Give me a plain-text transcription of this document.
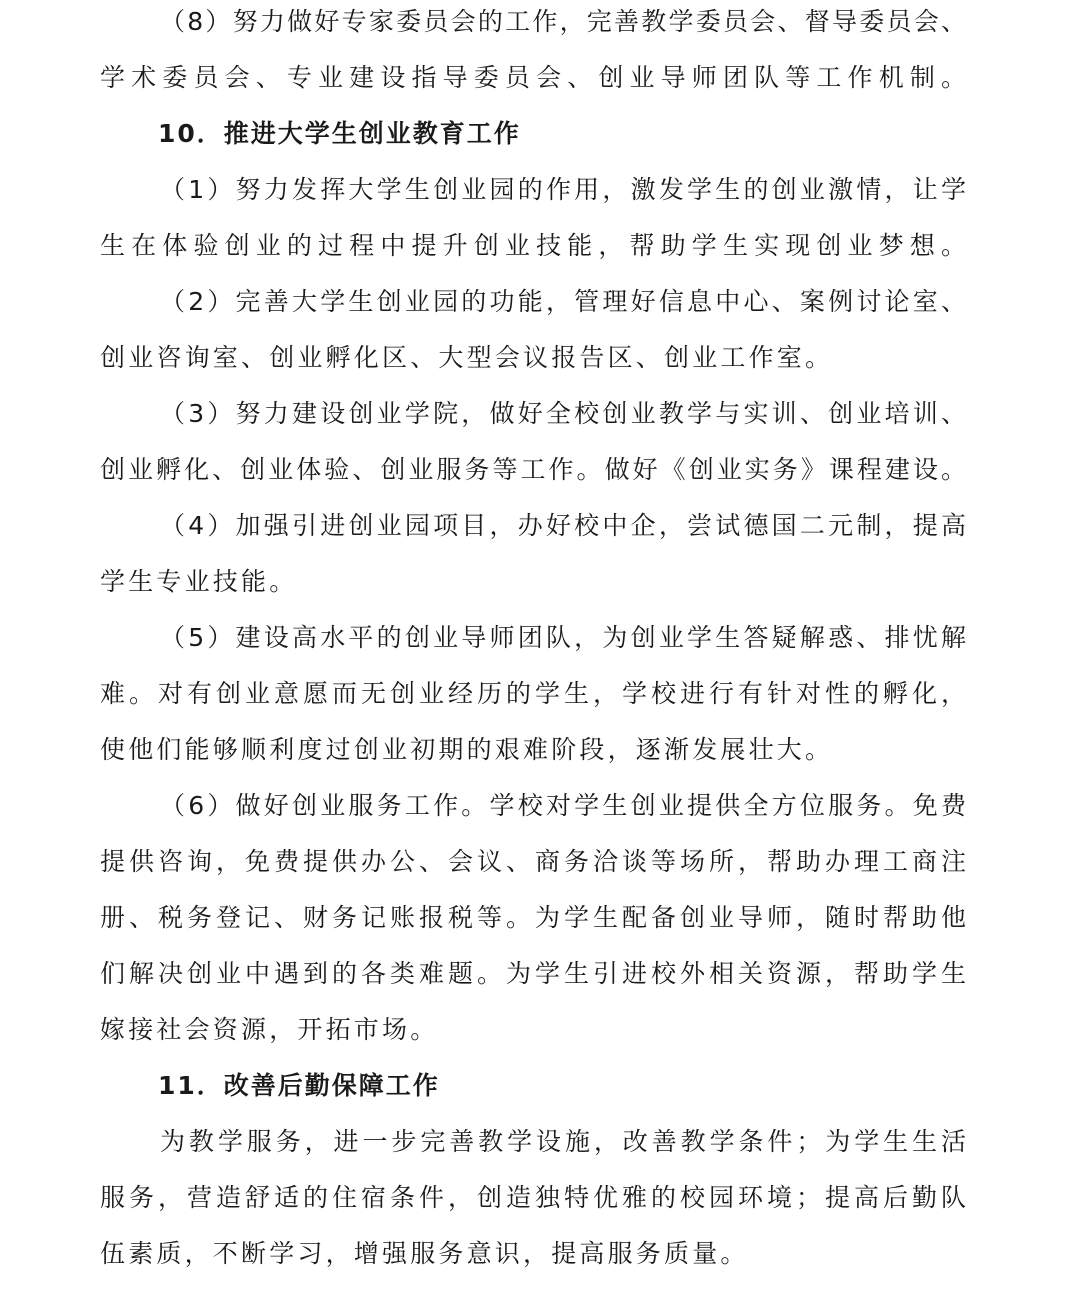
（8）努力做好专家委员会的工作，完善教学委员会、督导委员会、
学术委员会、专业建设指导委员会、创业导师团队等工作机制。
10．推进大学生创业教育工作
（1）努力发挥大学生创业园的作用，激发学生的创业激情，让学
生在体验创业的过程中提升创业技能，帮助学生实现创业梦想。
（2）完善大学生创业园的功能，管理好信息中心、案例讨论室、
创业咨询室、创业孵化区、大型会议报告区、创业工作室。
（3）努力建设创业学院，做好全校创业教学与实训、创业培训、
创业孵化、创业体验、创业服务等工作。做好《创业实务》课程建设。
（4）加强引进创业园项目，办好校中企，尝试德国二元制，提高
学生专业技能。
（5）建设高水平的创业导师团队，为创业学生答疑解惑、排忧解
难。对有创业意愿而无创业经历的学生，学校进行有针对性的孵化，
使他们能够顺利度过创业初期的艰难阶段，逐渐发展壮大。
（6）做好创业服务工作。学校对学生创业提供全方位服务。免费
提供咨询，免费提供办公、会议、商务洽谈等场所，帮助办理工商注
册、税务登记、财务记账报税等。为学生配备创业导师，随时帮助他
们解决创业中遇到的各类难题。为学生引进校外相关资源，帮助学生
嫁接社会资源，开拓市场。
11．改善后勤保障工作
为教学服务，进一步完善教学设施，改善教学条件；为学生生活
服务，营造舒适的住宿条件，创造独特优雅的校园环境；提高后勤队
伍素质，不断学习，增强服务意识，提高服务质量。
